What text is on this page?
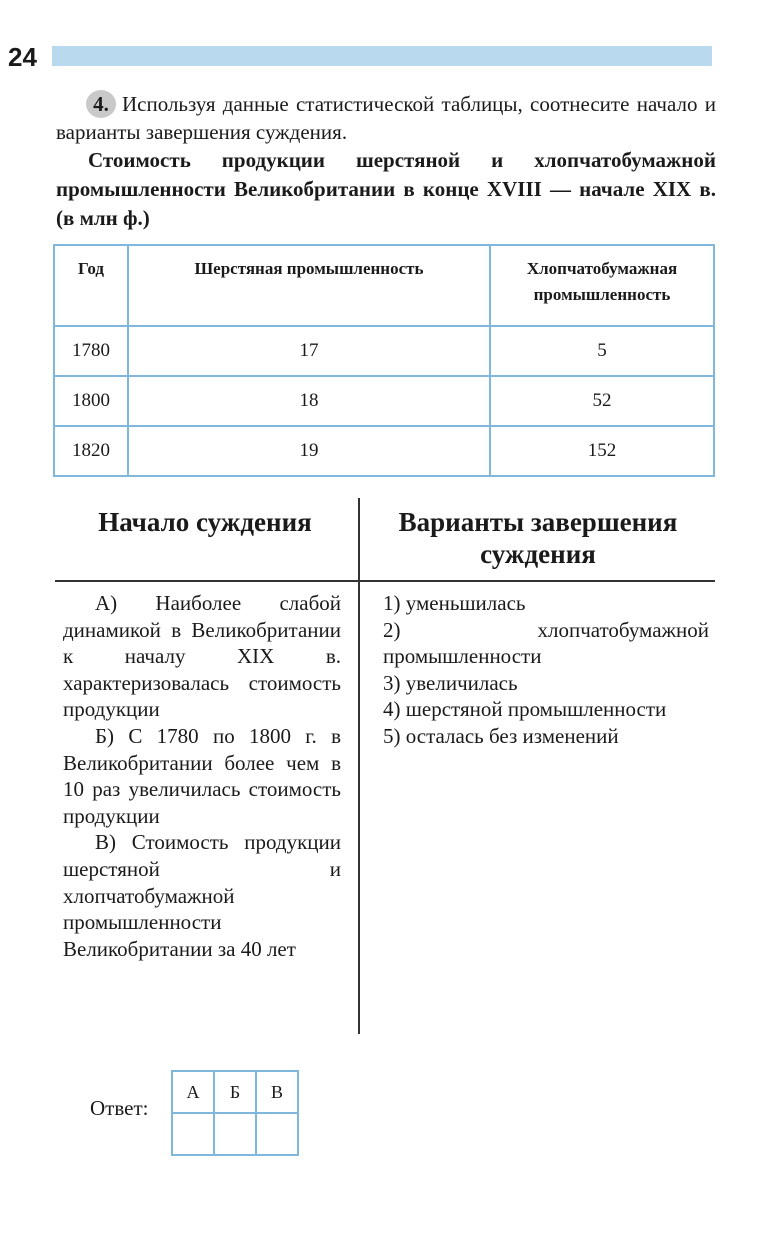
24
4. Используя данные статистической таблицы, соотнесите начало и варианты завершения суждения.
Стоимость продукции шерстяной и хлопчатобумажной промышленности Великобритании в конце XVIII — начале XIX в. (в млн ф.)
Год	Шерстяная промышленность	Хлопчатобумажная промышленность
1780	17	5
1800	18	52
1820	19	152
Начало суждения	Варианты завершения суждения

А) Наиболее слабой динамикой в Великобритании к началу XIX в. характеризовалась стоимость продукции

Б) С 1780 по 1800 г. в Великобритании более чем в 10 раз увеличилась стоимость продукции

В) Стоимость продукции шерстяной и хлопчатобумажной промышленности Великобритании за 40 лет

1) уменьшилась

2) хлопчатобумажной промышленности

3) увеличилась

4) шерстяной промышленности

5) осталась без изменений

Ответ:
А	Б	В
